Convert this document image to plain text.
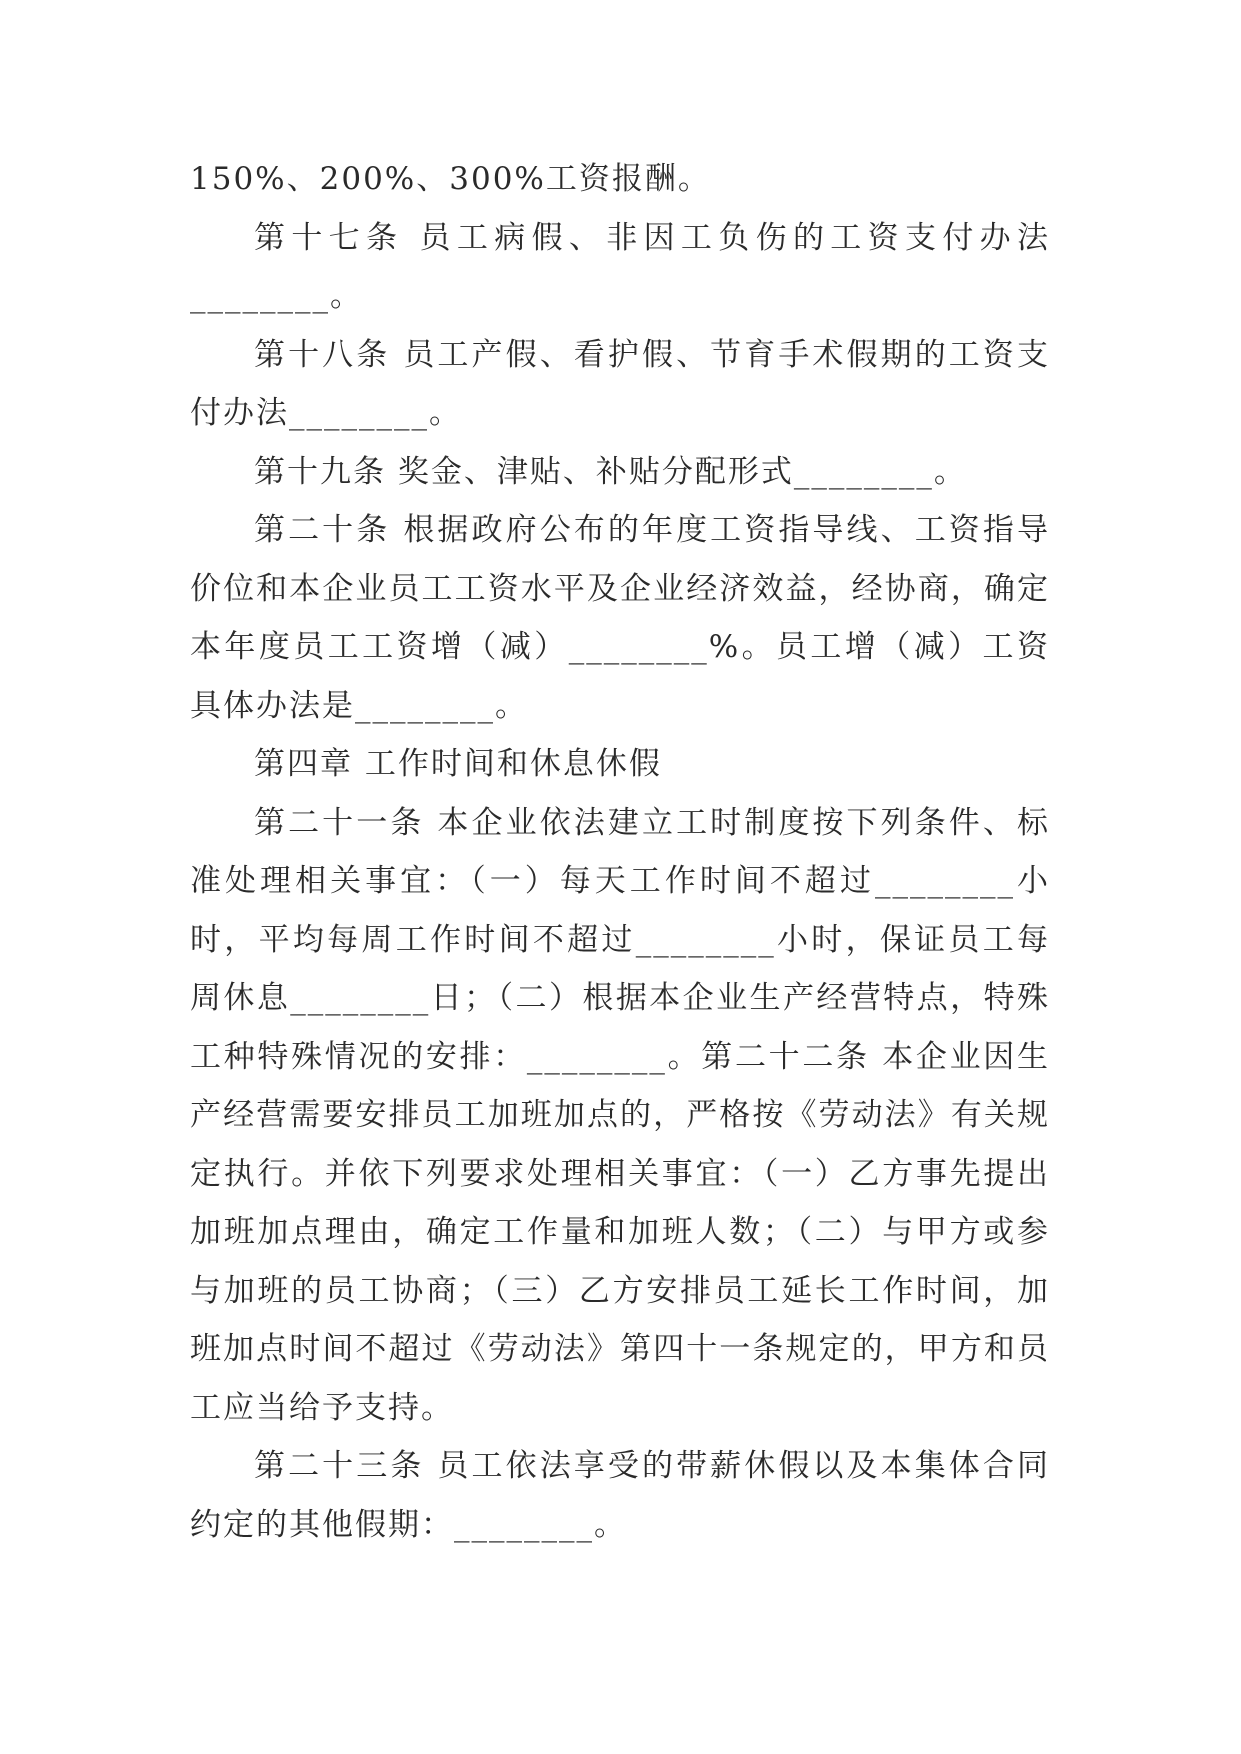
150%、200%、300%工资报酬。

第十七条 员工病假、非因工负伤的工资支付办法________。

第十八条 员工产假、看护假、节育手术假期的工资支付办法________。

第十九条 奖金、津贴、补贴分配形式________。

第二十条 根据政府公布的年度工资指导线、工资指导价位和本企业员工工资水平及企业经济效益，经协商，确定本年度员工工资增（减）________%。员工增（减）工资具体办法是________。

第四章 工作时间和休息休假

第二十一条 本企业依法建立工时制度按下列条件、标准处理相关事宜：（一）每天工作时间不超过________小时，平均每周工作时间不超过________小时，保证员工每周休息________日；（二）根据本企业生产经营特点，特殊工种特殊情况的安排：________。第二十二条 本企业因生产经营需要安排员工加班加点的，严格按《劳动法》有关规定执行。并依下列要求处理相关事宜：（一）乙方事先提出加班加点理由，确定工作量和加班人数；（二）与甲方或参与加班的员工协商；（三）乙方安排员工延长工作时间，加班加点时间不超过《劳动法》第四十一条规定的，甲方和员工应当给予支持。

第二十三条 员工依法享受的带薪休假以及本集体合同约定的其他假期：________。
